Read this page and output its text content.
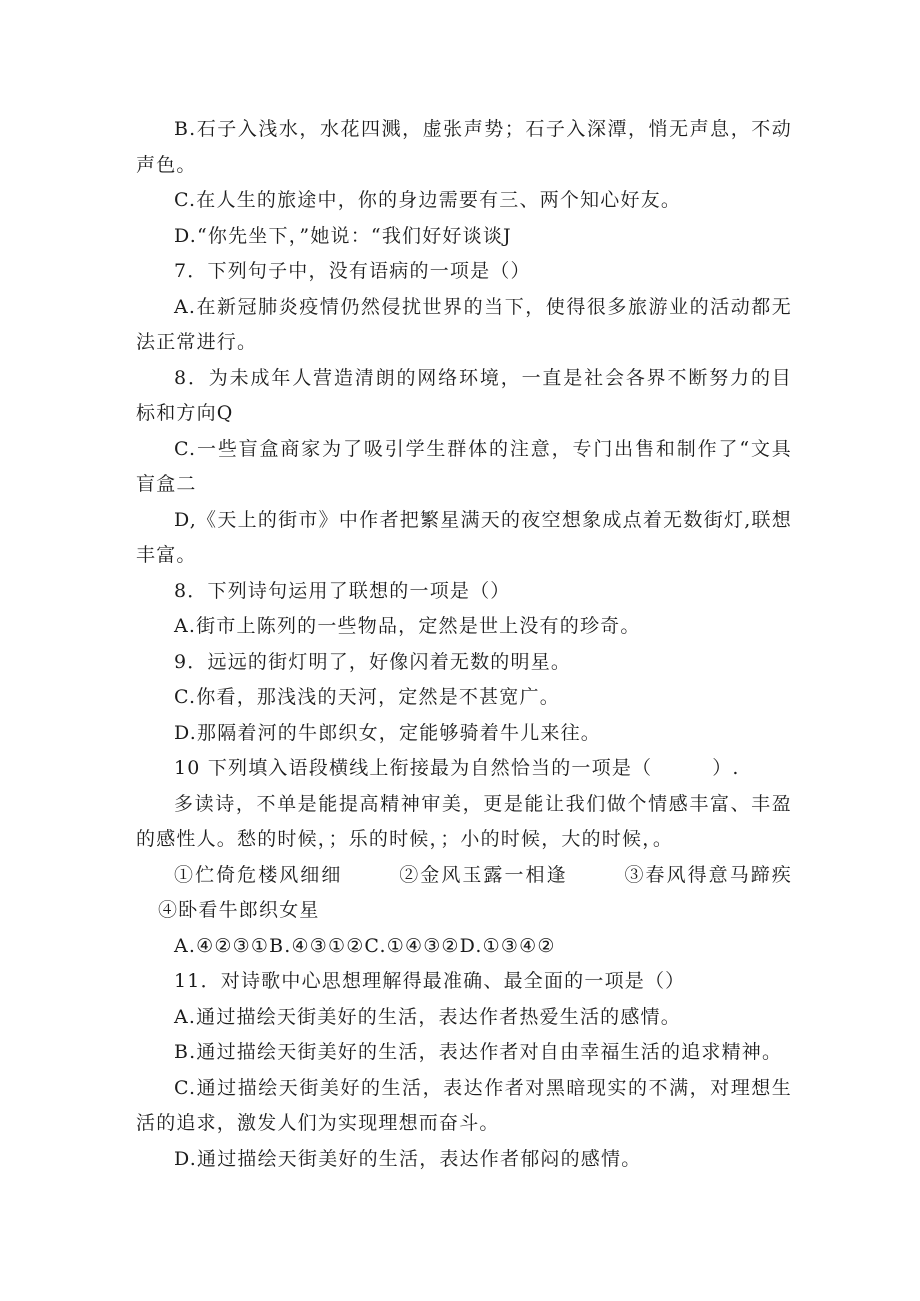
B.石子入浅水，水花四溅，虚张声势；石子入深潭，悄无声息，不动声色。

C.在人生的旅途中，你的身边需要有三、两个知心好友。

D.“你先坐下，”她说：“我们好好谈谈J

7．下列句子中，没有语病的一项是（）

A.在新冠肺炎疫情仍然侵扰世界的当下，使得很多旅游业的活动都无法正常进行。

8．为未成年人营造清朗的网络环境，一直是社会各界不断努力的目标和方向Q

C.一些盲盒商家为了吸引学生群体的注意，专门出售和制作了“文具盲盒二

D,《天上的街市》中作者把繁星满天的夜空想象成点着无数街灯,联想丰富。

8．下列诗句运用了联想的一项是（）

A.街市上陈列的一些物品，定然是世上没有的珍奇。

9．远远的街灯明了，好像闪着无数的明星。

C.你看，那浅浅的天河，定然是不甚宽广。

D.那隔着河的牛郎织女，定能够骑着牛儿来往。

10 下列填入语段横线上衔接最为自然恰当的一项是（	）.

多读诗，不单是能提高精神审美，更是能让我们做个情感丰富、丰盈的感性人。愁的时候，；乐的时候，；小的时候，大的时候，。

①伫倚危楼风细细	②金风玉露一相逢	③春风得意马蹄疾④卧看牛郎织女星

A.④②③①B.④③①②C.①④③②D.①③④②

11．对诗歌中心思想理解得最准确、最全面的一项是（）

A.通过描绘天街美好的生活，表达作者热爱生活的感情。

B.通过描绘天街美好的生活，表达作者对自由幸福生活的追求精神。

C.通过描绘天街美好的生活，表达作者对黑暗现实的不满，对理想生活的追求，激发人们为实现理想而奋斗。

D.通过描绘天街美好的生活，表达作者郁闷的感情。
